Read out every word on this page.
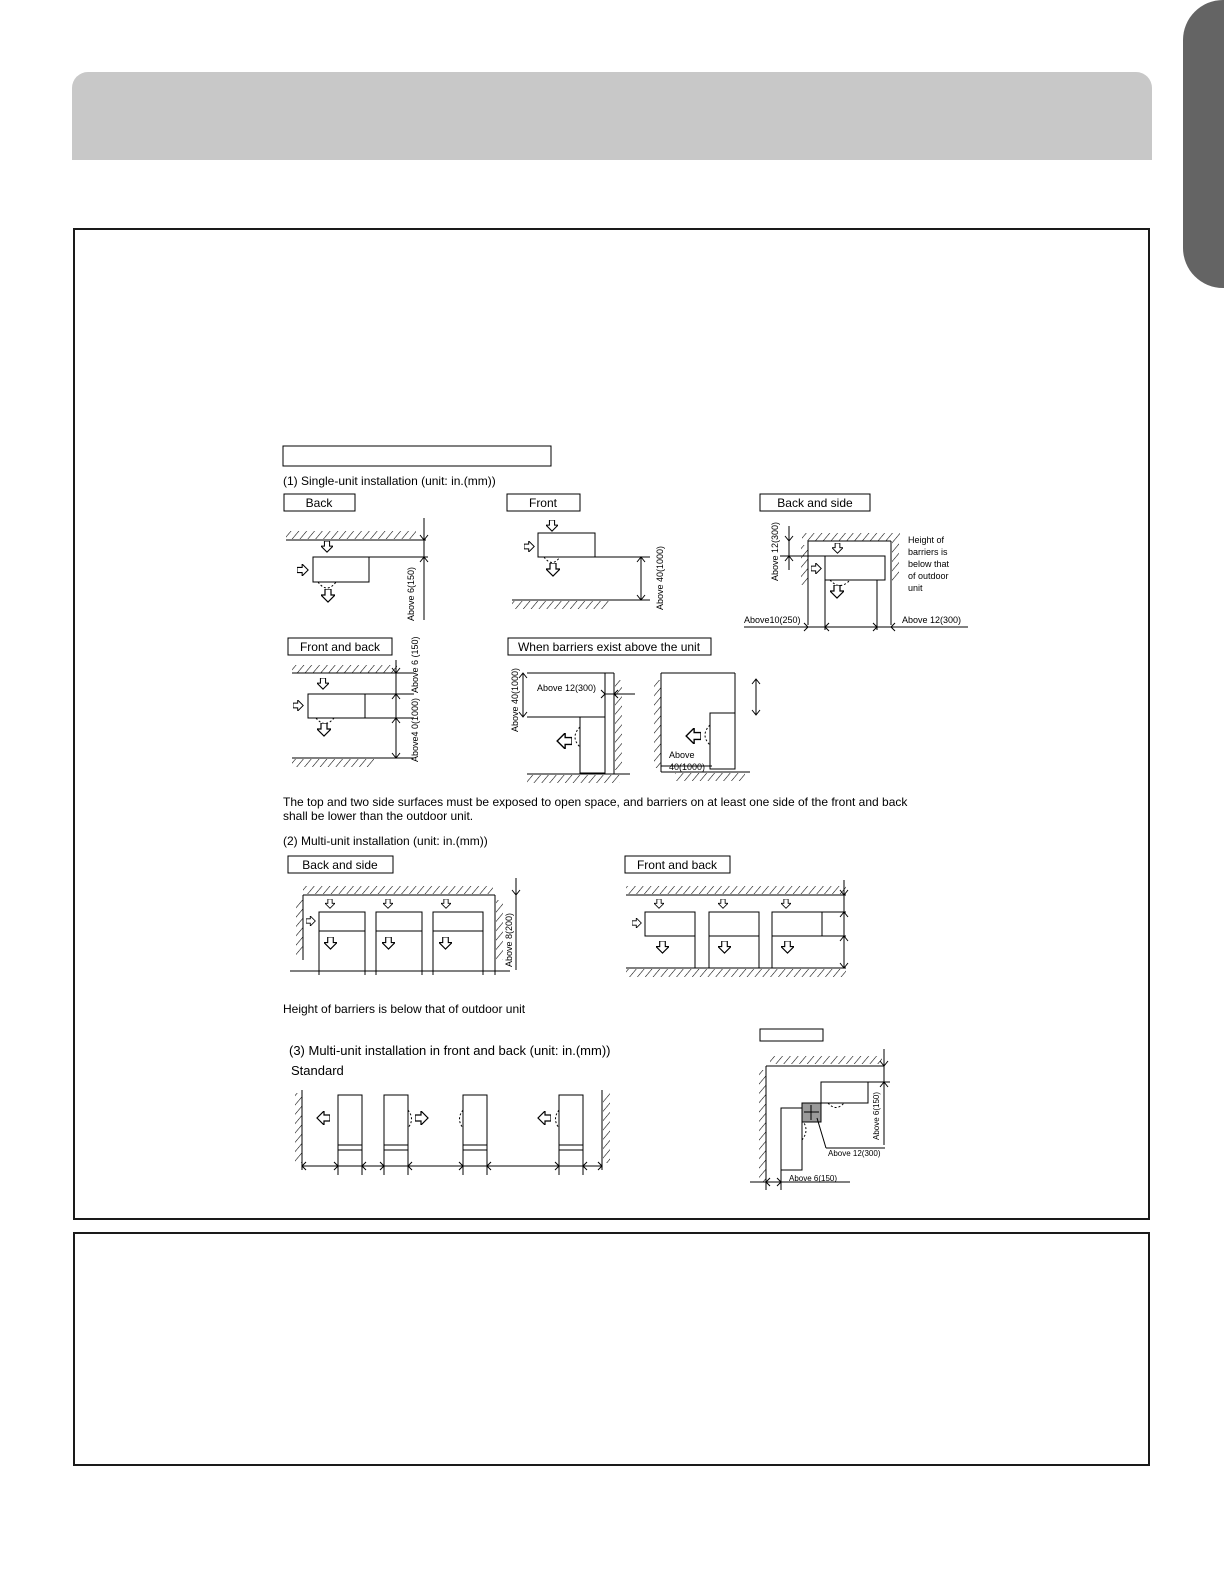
(1) Single-unit installation (unit: in.(mm))
Back	Front	Back and side
Front and back	When barriers exist above the unit
The top and two side surfaces must be exposed to open space, and barriers on at least one side of the front and back
shall be lower than the outdoor unit.
(2) Multi-unit installation (unit: in.(mm))
Back and side	Front and back
Height of barriers is below that of outdoor unit
(3) Multi-unit installation in front and back (unit: in.(mm))
Standard
Above 6(150)	Above 40(1000)	Above 12(300)	Height of
barriers is
below that
of outdoor
unit
Above10(250)	Above 12(300)
Above 6 (150)
Above4 0(1000)	Above 40(1000) Above 12(300)
Above
40(1000)
Above 8(200)
Above 6(150)
Above 12(300)
Above 6(150)
